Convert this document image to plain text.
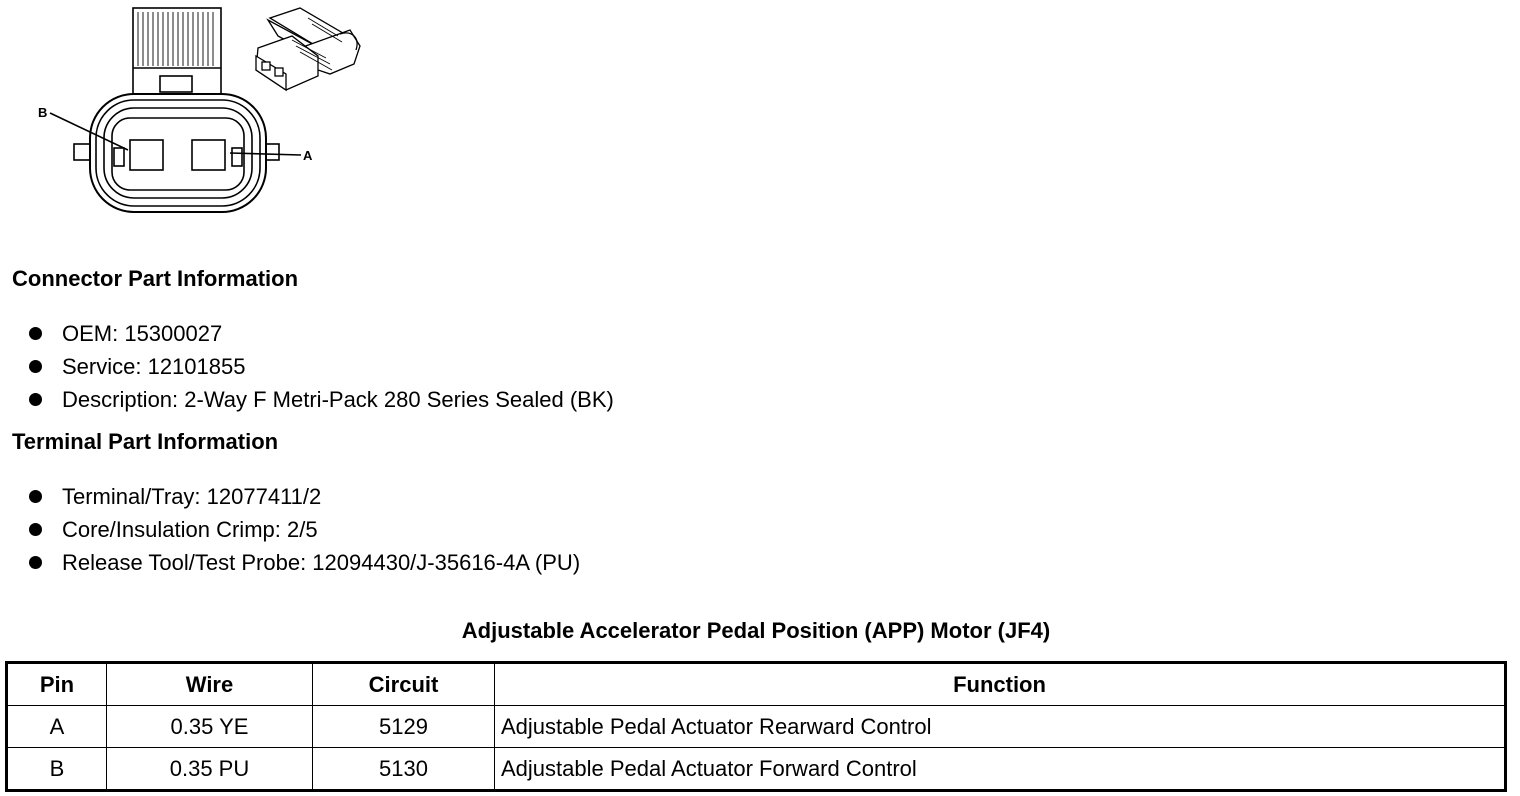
B
A
Connector Part Information
OEM: 15300027
Service: 12101855
Description: 2-Way F Metri-Pack 280 Series Sealed (BK)
Terminal Part Information
Terminal/Tray: 12077411/2
Core/Insulation Crimp: 2/5
Release Tool/Test Probe: 12094430/J-35616-4A (PU)
Adjustable Accelerator Pedal Position (APP) Motor (JF4)
Pin	Wire	Circuit	Function
A	0.35 YE	5129	Adjustable Pedal Actuator Rearward Control
B	0.35 PU	5130	Adjustable Pedal Actuator Forward Control
